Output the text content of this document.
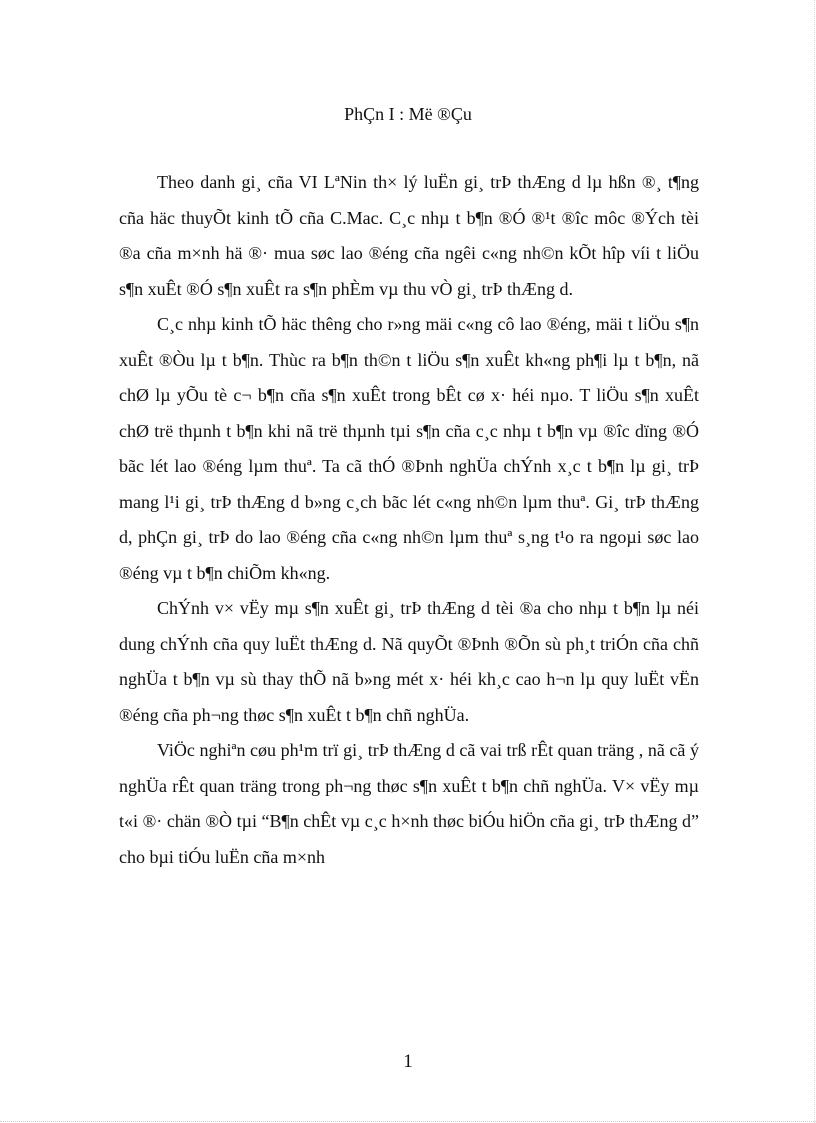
PhÇn I : Më ®Çu

Theo danh gi¸ cña VI LªNin th× lý luËn gi¸ trÞ thÆng d lµ hßn ®¸ t¶ng cña häc thuyÕt kinh tÕ cña C.Mac. C¸c nhµ t b¶n ®Ó ®¹t ®îc môc ®Ých tèi ®a cña m×nh hä ®· mua søc lao ®éng cña ngêi c«ng nh©n kÕt hîp víi t liÖu s¶n xuÊt ®Ó s¶n xuÊt ra s¶n phÈm vµ thu vÒ gi¸ trÞ thÆng d.

C¸c nhµ kinh tÕ häc thêng cho r»ng mäi c«ng cô lao ®éng, mäi t liÖu s¶n xuÊt ®Òu lµ t b¶n. Thùc ra b¶n th©n t liÖu s¶n xuÊt kh«ng ph¶i lµ t b¶n, nã chØ lµ yÕu tè c¬ b¶n cña s¶n xuÊt trong bÊt cø x· héi nµo. T liÖu s¶n xuÊt chØ trë thµnh t b¶n khi nã trë thµnh tµi s¶n cña c¸c nhµ t b¶n vµ ®îc dïng ®Ó bãc lét lao ®éng lµm thuª. Ta cã thÓ ®Þnh nghÜa chÝnh x¸c t b¶n lµ gi¸ trÞ mang l¹i gi¸ trÞ thÆng d b»ng c¸ch bãc lét c«ng nh©n lµm thuª. Gi¸ trÞ thÆng d, phÇn gi¸ trÞ do lao ®éng cña c«ng nh©n lµm thuª s¸ng t¹o ra ngoµi søc lao ®éng vµ t b¶n chiÕm kh«ng.

ChÝnh v× vËy mµ s¶n xuÊt gi¸ trÞ thÆng d tèi ®a cho nhµ t b¶n lµ néi dung chÝnh cña quy luËt thÆng d. Nã quyÕt ®Þnh ®Õn sù ph¸t triÓn cña chñ nghÜa t b¶n vµ sù thay thÕ nã b»ng mét x· héi kh¸c cao h¬n lµ quy luËt vËn ®éng cña ph¬ng thøc s¶n xuÊt t b¶n chñ nghÜa.

ViÖc nghiªn cøu ph¹m trï gi¸ trÞ thÆng d cã vai trß rÊt quan träng , nã cã ý nghÜa rÊt quan träng trong ph¬ng thøc s¶n xuÊt t b¶n chñ nghÜa. V× vËy mµ t«i ®· chän ®Ò tµi “B¶n chÊt vµ c¸c h×nh thøc biÓu hiÖn cña gi¸ trÞ thÆng d” cho bµi tiÓu luËn cña m×nh

1
